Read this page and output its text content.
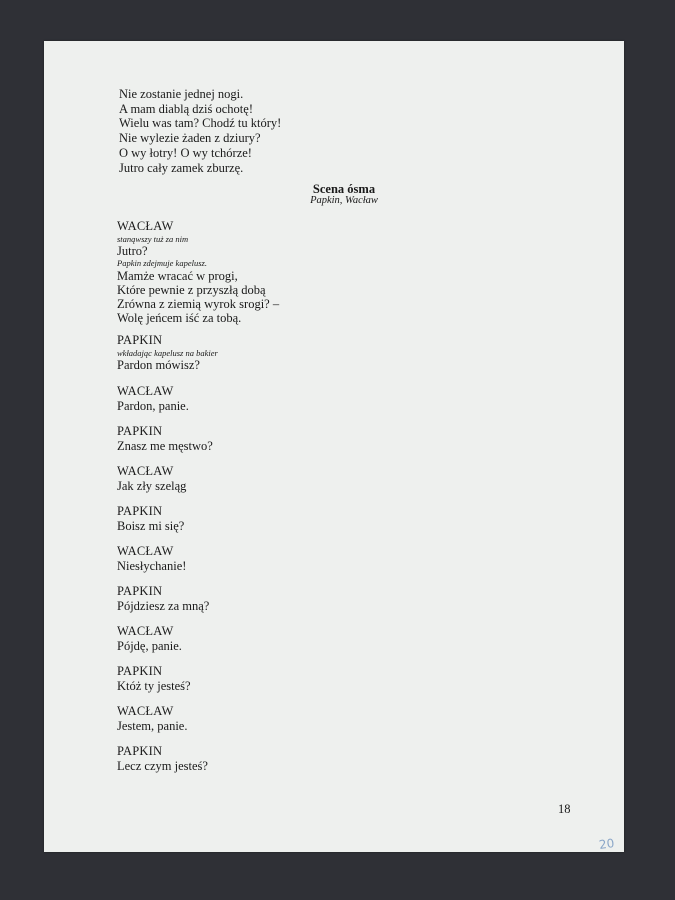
Nie zostanie jednej nogi.
A mam diablą dziś ochotę!
Wielu was tam? Chodź tu który!
Nie wylezie żaden z dziury?
O wy łotry! O wy tchórze!
Jutro cały zamek zburzę.
Scena ósma
Papkin, Wacław
WACŁAW
stanąwszy tuż za nim
Jutro?
Papkin zdejmuje kapelusz.
Mamże wracać w progi,
Które pewnie z przyszłą dobą
Zrówna z ziemią wyrok srogi? –
Wolę jeńcem iść za tobą.
PAPKIN
wkładając kapelusz na bakier
Pardon mówisz?
WACŁAW
Pardon, panie.
PAPKIN
Znasz me męstwo?
WACŁAW
Jak zły szeląg
PAPKIN
Boisz mi się?
WACŁAW
Niesłychanie!
PAPKIN
Pójdziesz za mną?
WACŁAW
Pójdę, panie.
PAPKIN
Któż ty jesteś?
WACŁAW
Jestem, panie.
PAPKIN
Lecz czym jesteś?
18
20
